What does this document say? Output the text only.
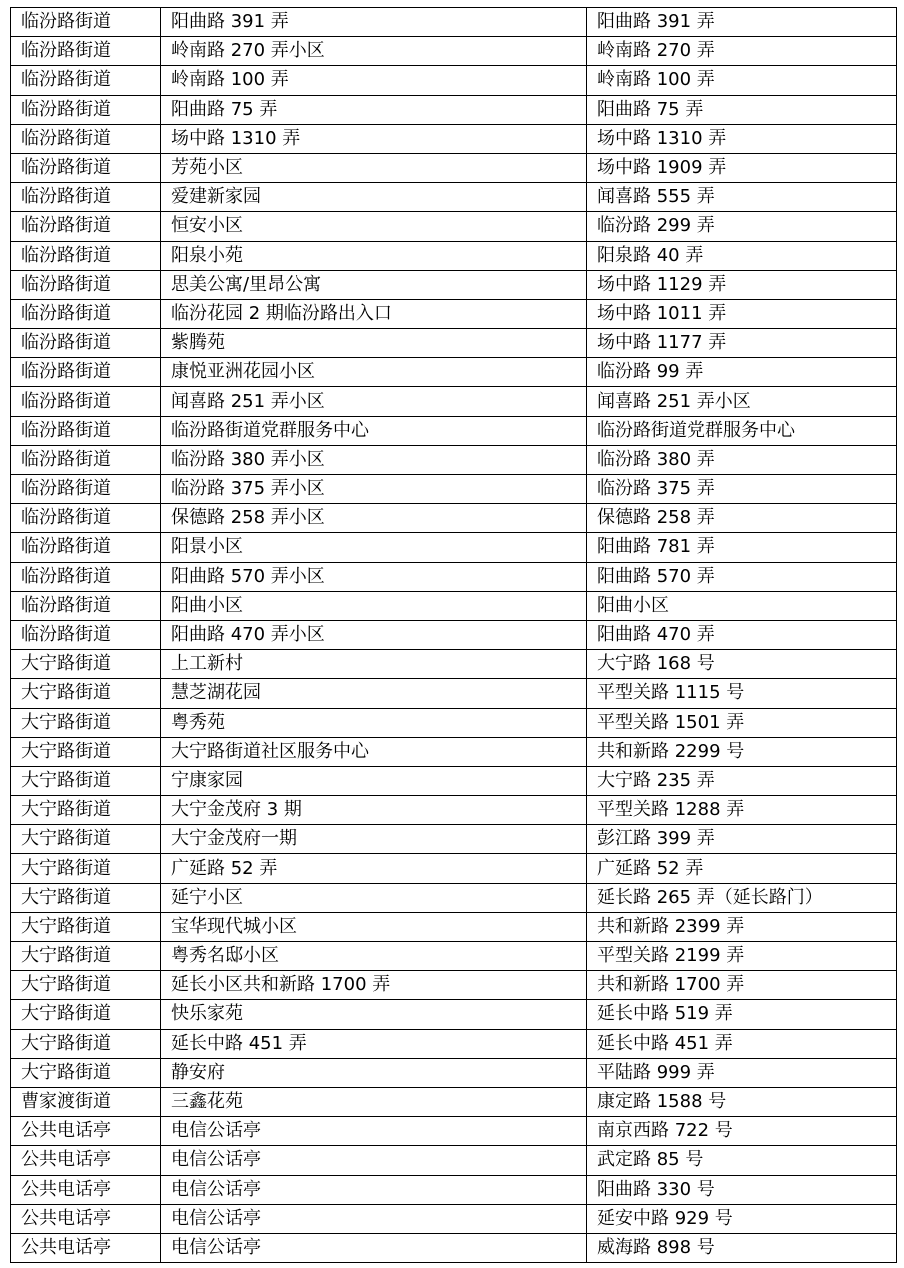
临汾路街道	阳曲路 391 弄	阳曲路 391 弄
临汾路街道	岭南路 270 弄小区	岭南路 270 弄
临汾路街道	岭南路 100 弄	岭南路 100 弄
临汾路街道	阳曲路 75 弄	阳曲路 75 弄
临汾路街道	场中路 1310 弄	场中路 1310 弄
临汾路街道	芳苑小区	场中路 1909 弄
临汾路街道	爱建新家园	闻喜路 555 弄
临汾路街道	恒安小区	临汾路 299 弄
临汾路街道	阳泉小苑	阳泉路 40 弄
临汾路街道	思美公寓/里昂公寓	场中路 1129 弄
临汾路街道	临汾花园 2 期临汾路出入口	场中路 1011 弄
临汾路街道	紫腾苑	场中路 1177 弄
临汾路街道	康悦亚洲花园小区	临汾路 99 弄
临汾路街道	闻喜路 251 弄小区	闻喜路 251 弄小区
临汾路街道	临汾路街道党群服务中心	临汾路街道党群服务中心
临汾路街道	临汾路 380 弄小区	临汾路 380 弄
临汾路街道	临汾路 375 弄小区	临汾路 375 弄
临汾路街道	保德路 258 弄小区	保德路 258 弄
临汾路街道	阳景小区	阳曲路 781 弄
临汾路街道	阳曲路 570 弄小区	阳曲路 570 弄
临汾路街道	阳曲小区	阳曲小区
临汾路街道	阳曲路 470 弄小区	阳曲路 470 弄
大宁路街道	上工新村	大宁路 168 号
大宁路街道	慧芝湖花园	平型关路 1115 号
大宁路街道	粤秀苑	平型关路 1501 弄
大宁路街道	大宁路街道社区服务中心	共和新路 2299 号
大宁路街道	宁康家园	大宁路 235 弄
大宁路街道	大宁金茂府 3 期	平型关路 1288 弄
大宁路街道	大宁金茂府一期	彭江路 399 弄
大宁路街道	广延路 52 弄	广延路 52 弄
大宁路街道	延宁小区	延长路 265 弄（延长路门）
大宁路街道	宝华现代城小区	共和新路 2399 弄
大宁路街道	粤秀名邸小区	平型关路 2199 弄
大宁路街道	延长小区共和新路 1700 弄	共和新路 1700 弄
大宁路街道	快乐家苑	延长中路 519 弄
大宁路街道	延长中路 451 弄	延长中路 451 弄
大宁路街道	静安府	平陆路 999 弄
曹家渡街道	三鑫花苑	康定路 1588 号
公共电话亭	电信公话亭	南京西路 722 号
公共电话亭	电信公话亭	武定路 85 号
公共电话亭	电信公话亭	阳曲路 330 号
公共电话亭	电信公话亭	延安中路 929 号
公共电话亭	电信公话亭	威海路 898 号
